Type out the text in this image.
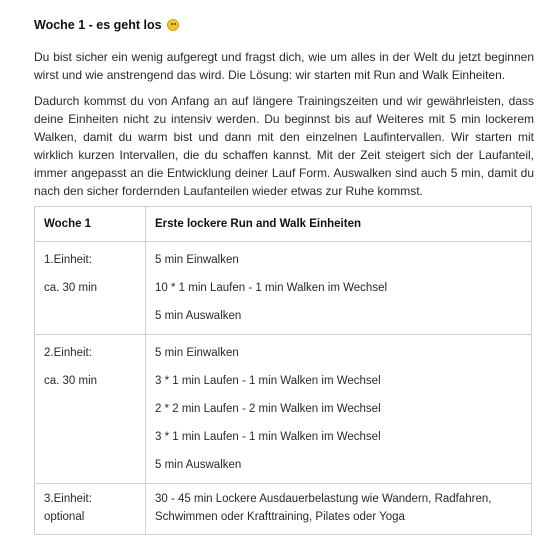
Woche 1 - es geht los

Du bist sicher ein wenig aufgeregt und fragst dich, wie um alles in der Welt du jetzt beginnen
wirst und wie anstrengend das wird. Die Lösung: wir starten mit Run and Walk Einheiten.

Dadurch kommst du von Anfang an auf längere Trainingszeiten und wir gewährleisten, dass
deine Einheiten nicht zu intensiv werden. Du beginnst bis auf Weiteres mit 5 min lockerem
Walken, damit du warm bist und dann mit den einzelnen Laufintervallen. Wir starten mit
wirklich kurzen Intervallen, die du schaffen kannst. Mit der Zeit steigert sich der Laufanteil,
immer angepasst an die Entwicklung deiner Lauf Form. Auswalken sind auch 5 min, damit du
nach den sicher fordernden Laufanteilen wieder etwas zur Ruhe kommst.

Woche 1	Erste lockere Run and Walk Einheiten

1.Einheit:
ca. 30 min	5 min Einwalken
10 * 1 min Laufen - 1 min Walken im Wechsel
5 min Auswalken

2.Einheit:
ca. 30 min	5 min Einwalken
3 * 1 min Laufen - 1 min Walken im Wechsel
2 * 2 min Laufen - 2 min Walken im Wechsel
3 * 1 min Laufen - 1 min Walken im Wechsel
5 min Auswalken

3.Einheit:
optional	30 - 45 min Lockere Ausdauerbelastung wie Wandern, Radfahren,
Schwimmen oder Krafttraining, Pilates oder Yoga
